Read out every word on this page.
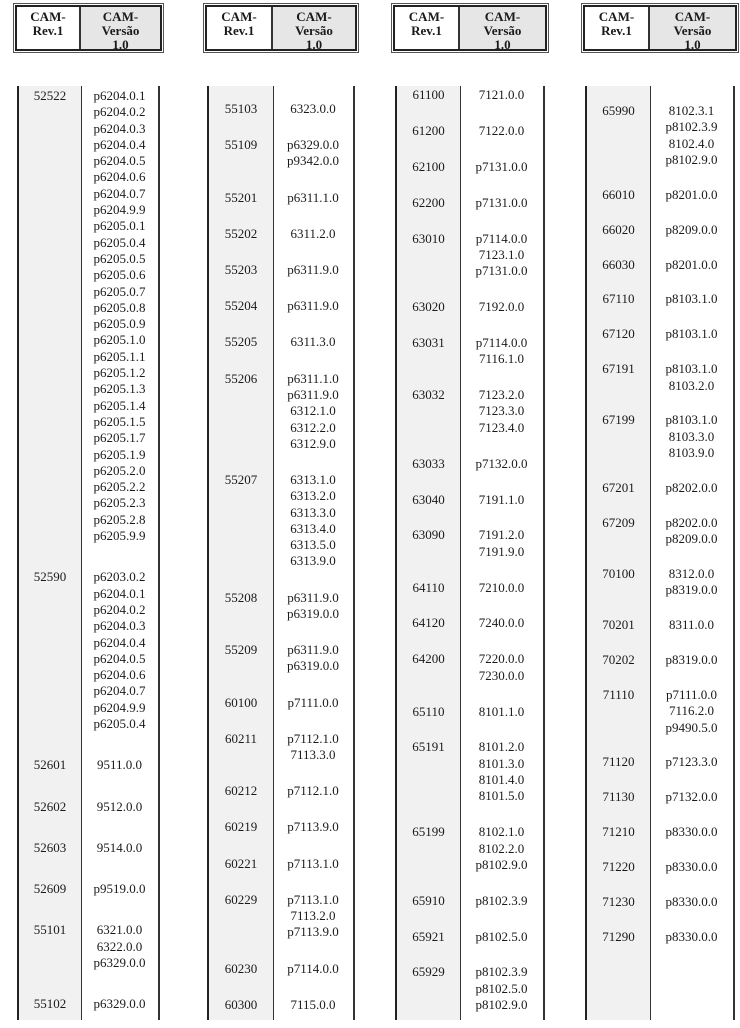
CAM-
Rev.1
CAM-
Versão
1.0
52522	p6204.0.1
p6204.0.2
p6204.0.3
p6204.0.4
p6204.0.5
p6204.0.6
p6204.0.7
p6204.9.9
p6205.0.1
p6205.0.4
p6205.0.5
p6205.0.6
p6205.0.7
p6205.0.8
p6205.0.9
p6205.1.0
p6205.1.1
p6205.1.2
p6205.1.3
p6205.1.4
p6205.1.5
p6205.1.7
p6205.1.9
p6205.2.0
p6205.2.2
p6205.2.3
p6205.2.8
p6205.9.9
52590	p6203.0.2
p6204.0.1
p6204.0.2
p6204.0.3
p6204.0.4
p6204.0.5
p6204.0.6
p6204.0.7
p6204.9.9
p6205.0.4
52601	9511.0.0
52602	9512.0.0
52603	9514.0.0
52609	p9519.0.0
55101	6321.0.0
6322.0.0
p6329.0.0
55102	p6329.0.0
CAM-
Rev.1
CAM-
Versão
1.0
55103	6323.0.0
55109	p6329.0.0
p9342.0.0
55201	p6311.1.0
55202	6311.2.0
55203	p6311.9.0
55204	p6311.9.0
55205	6311.3.0
55206	p6311.1.0
p6311.9.0
6312.1.0
6312.2.0
6312.9.0
55207	6313.1.0
6313.2.0
6313.3.0
6313.4.0
6313.5.0
6313.9.0
55208	p6311.9.0
p6319.0.0
55209	p6311.9.0
p6319.0.0
60100	p7111.0.0
60211	p7112.1.0
7113.3.0
60212	p7112.1.0
60219	p7113.9.0
60221	p7113.1.0
60229	p7113.1.0
7113.2.0
p7113.9.0
60230	p7114.0.0
60300	7115.0.0
CAM-
Rev.1
CAM-
Versão
1.0
61100	7121.0.0
61200	7122.0.0
62100	p7131.0.0
62200	p7131.0.0
63010	p7114.0.0
7123.1.0
p7131.0.0
63020	7192.0.0
63031	p7114.0.0
7116.1.0
63032	7123.2.0
7123.3.0
7123.4.0
63033	p7132.0.0
63040	7191.1.0
63090	7191.2.0
7191.9.0
64110	7210.0.0
64120	7240.0.0
64200	7220.0.0
7230.0.0
65110	8101.1.0
65191	8101.2.0
8101.3.0
8101.4.0
8101.5.0
65199	8102.1.0
8102.2.0
p8102.9.0
65910	p8102.3.9
65921	p8102.5.0
65929	p8102.3.9
p8102.5.0
p8102.9.0
CAM-
Rev.1
CAM-
Versão
1.0
65990	8102.3.1
p8102.3.9
8102.4.0
p8102.9.0
66010	p8201.0.0
66020	p8209.0.0
66030	p8201.0.0
67110	p8103.1.0
67120	p8103.1.0
67191	p8103.1.0
8103.2.0
67199	p8103.1.0
8103.3.0
8103.9.0
67201	p8202.0.0
67209	p8202.0.0
p8209.0.0
70100	8312.0.0
p8319.0.0
70201	8311.0.0
70202	p8319.0.0
71110	p7111.0.0
7116.2.0
p9490.5.0
71120	p7123.3.0
71130	p7132.0.0
71210	p8330.0.0
71220	p8330.0.0
71230	p8330.0.0
71290	p8330.0.0
